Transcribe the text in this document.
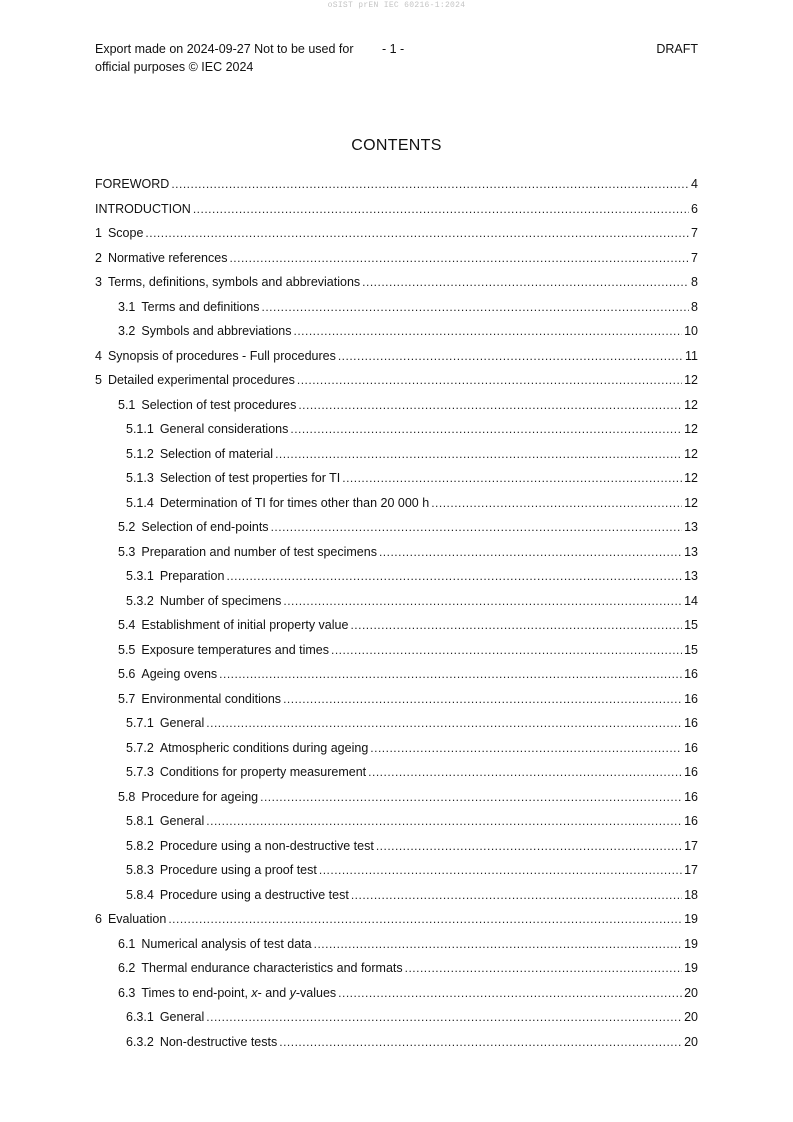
oSIST prEN IEC 60216-1:2024
Export made on 2024-09-27 Not to be used for official purposes © IEC 2024
- 1 -	DRAFT
CONTENTS
FOREWORD .....	4
INTRODUCTION .....	6
1 Scope .....	7
2 Normative references .....	7
3 Terms, definitions, symbols and abbreviations .....	8
3.1 Terms and definitions .....	8
3.2 Symbols and abbreviations .....	10
4 Synopsis of procedures - Full procedures .....	11
5 Detailed experimental procedures .....	12
5.1 Selection of test procedures .....	12
5.1.1 General considerations .....	12
5.1.2 Selection of material .....	12
5.1.3 Selection of test properties for TI .....	12
5.1.4 Determination of TI for times other than 20 000 h .....	12
5.2 Selection of end-points .....	13
5.3 Preparation and number of test specimens .....	13
5.3.1 Preparation .....	13
5.3.2 Number of specimens .....	14
5.4 Establishment of initial property value .....	15
5.5 Exposure temperatures and times .....	15
5.6 Ageing ovens .....	16
5.7 Environmental conditions .....	16
5.7.1 General .....	16
5.7.2 Atmospheric conditions during ageing .....	16
5.7.3 Conditions for property measurement .....	16
5.8 Procedure for ageing .....	16
5.8.1 General .....	16
5.8.2 Procedure using a non-destructive test .....	17
5.8.3 Procedure using a proof test .....	17
5.8.4 Procedure using a destructive test .....	18
6 Evaluation .....	19
6.1 Numerical analysis of test data .....	19
6.2 Thermal endurance characteristics and formats .....	19
6.3 Times to end-point, x- and y-values .....	20
6.3.1 General .....	20
6.3.2 Non-destructive tests .....	20
